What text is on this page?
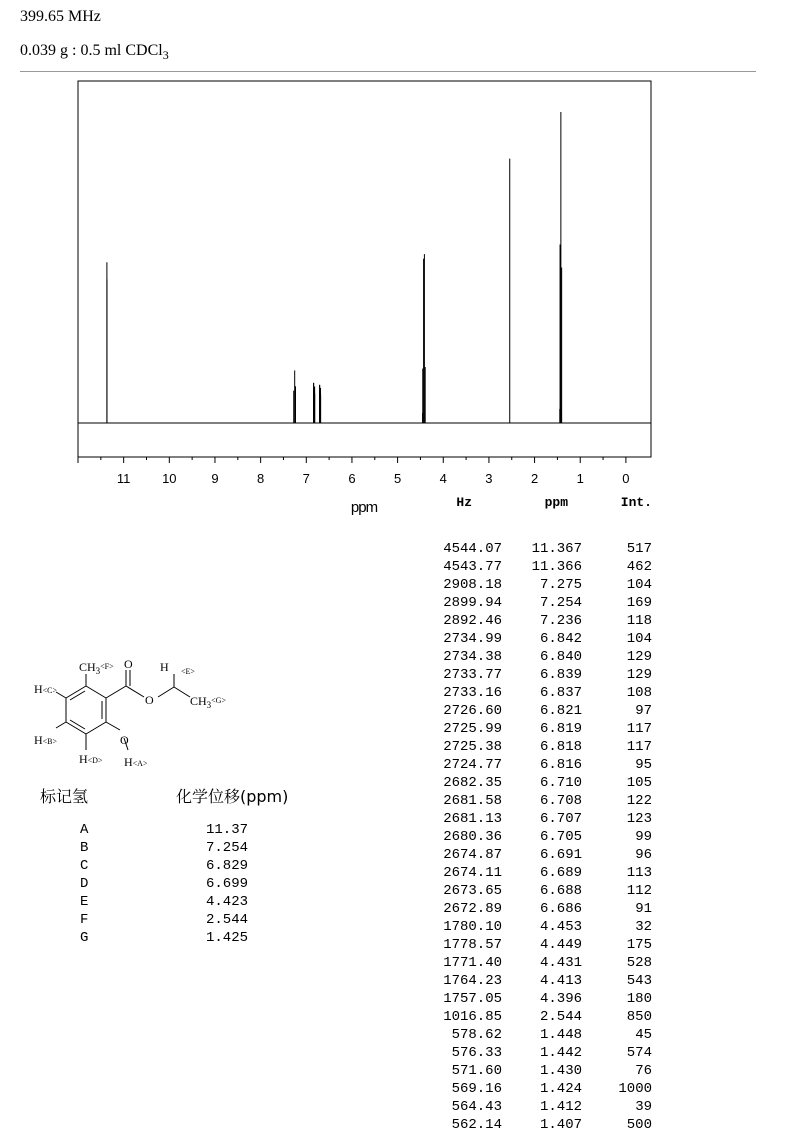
399.65 MHz
0.039 g : 0.5 ml CDCl$_3$
11 10	9	8	7	6	5	4	3	2	1	0
ppm	Hz	ppm	Int.
4544.07	11.367	517
4543.77	11.366	462
2908.18	7.275	104
2899.94	7.254	169
2892.46	7.236	118
2734.99	6.842	104
2734.38	6.840	129
2733.77	6.839	129
2733.16	6.837	108
2726.60	6.821	97
2725.99	6.819	117
2725.38	6.818	117
2724.77	6.816	95
2682.35	6.710	105
2681.58	6.708	122
2681.13	6.707	123
2680.36	6.705	99
2674.87	6.691	96
2674.11	6.689	113
2673.65	6.688	112
2672.89	6.686	91
1780.10	4.453	32
1778.57	4.449	175
1771.40	4.431	528
1764.23	4.413	543
1757.05	4.396	180
1016.85	2.544	850
578.62	1.448	45
576.33	1.442	574
571.60	1.430	76
569.16	1.424	1000
564.43	1.412	39
562.14	1.407	500
$CH_3^{<F>}$ O H <E>
H<C>
O	$CH_3^{<G>}$
H<B>	O
H<D> H<A>
标记氢	化学位移(ppm)
A	11.37
B	7.254
C	6.829
D	6.699
E	4.423
F	2.544
G	1.425
